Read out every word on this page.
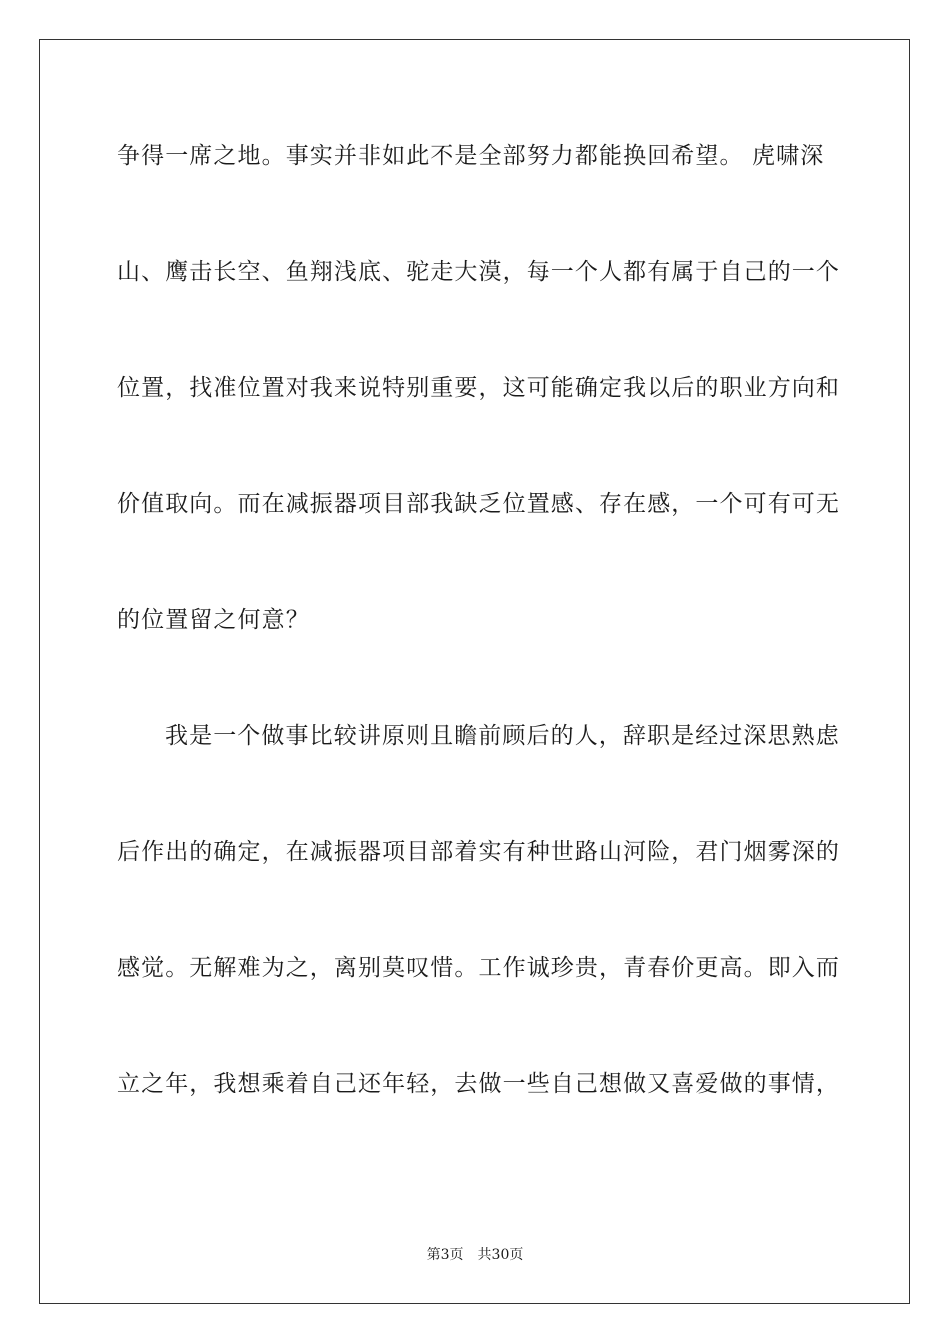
争得一席之地。事实并非如此不是全部努力都能换回希望。 虎啸深
山、鹰击长空、鱼翔浅底、驼走大漠，每一个人都有属于自己的一个
位置，找准位置对我来说特别重要，这可能确定我以后的职业方向和
价值取向。而在减振器项目部我缺乏位置感、存在感，一个可有可无
的位置留之何意？
我是一个做事比较讲原则且瞻前顾后的人，辞职是经过深思熟虑
后作出的确定，在减振器项目部着实有种世路山河险，君门烟雾深的
感觉。无解难为之，离别莫叹惜。工作诚珍贵，青春价更高。即入而
立之年，我想乘着自己还年轻，去做一些自己想做又喜爱做的事情，
第3页 共30页
